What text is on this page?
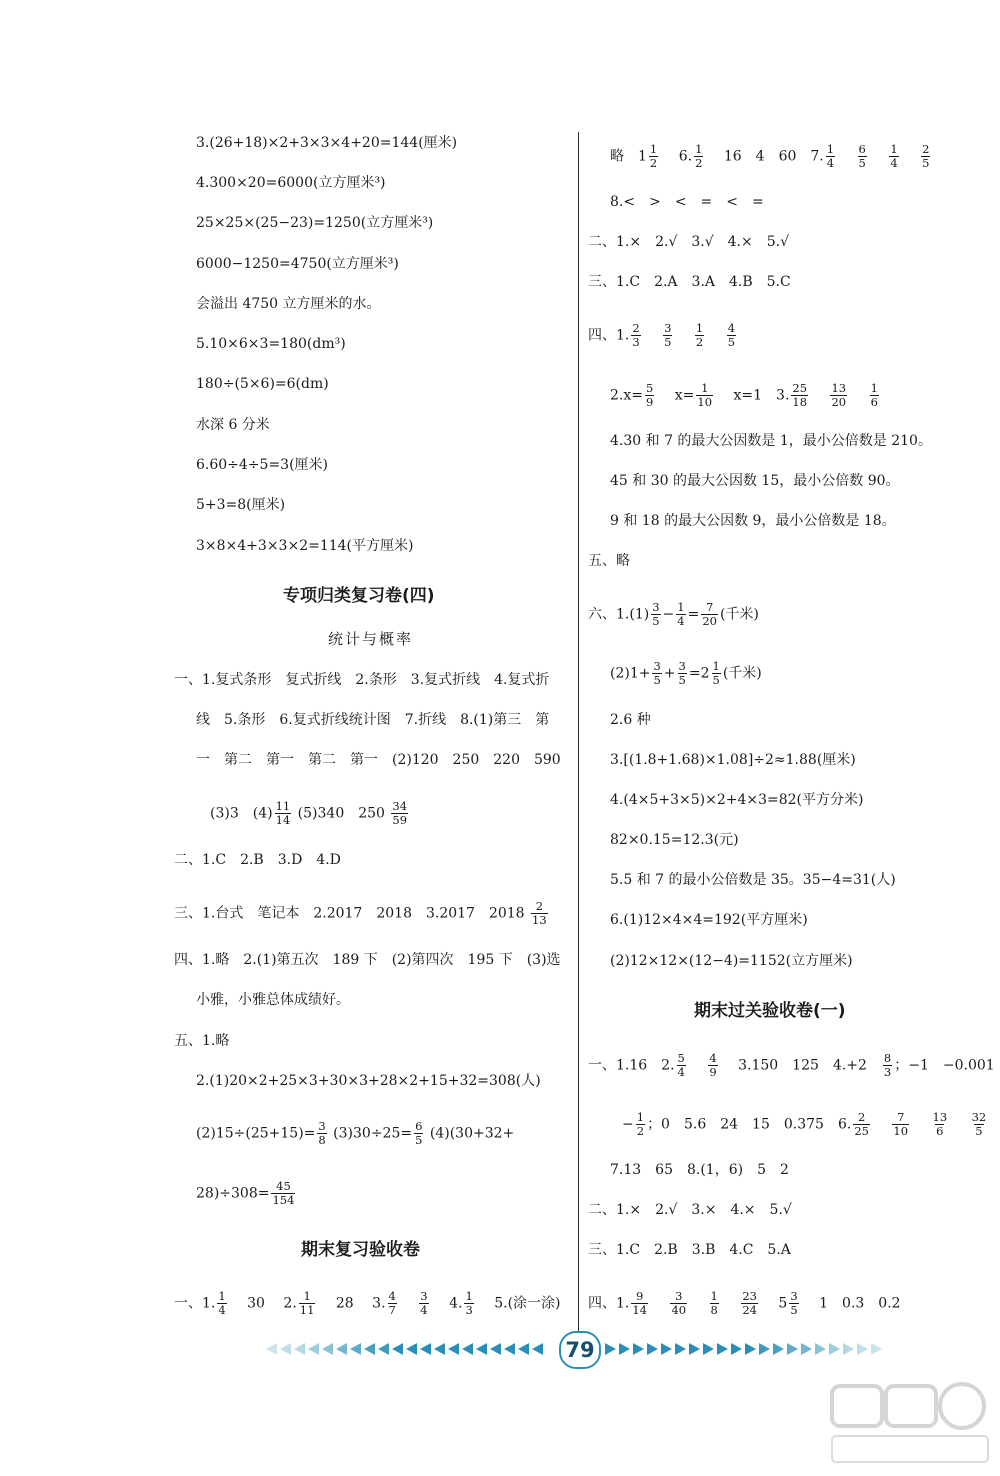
3.(26+18)×2+3×3×4+20=144(厘米)
4.300×20=6000(立方厘米³)
25×25×(25−23)=1250(立方厘米³)
6000−1250=4750(立方厘米³)
会溢出 4750 立方厘米的水。
5.10×6×3=180(dm³)
180÷(5×6)=6(dm)
水深 6 分米
6.60÷4÷5=3(厘米)
5+3=8(厘米)
3×8×4+3×3×2=114(平方厘米)
专项归类复习卷(四)
统计与概率
一、1.复式条形　复式折线　2.条形　3.复式折线　4.复式折
线　5.条形　6.复式折线统计图　7.折线　8.(1)第三　第
一　第二　第一　第二　第一　(2)120　250　220　590
(3)3　$(4) \frac{11}{14} (5)340$　$250 \frac{34}{59}$
二、1.C　2.B　3.D　4.D
三、1.台式　笔记本　2.2017　2018　3.2017　$2018 \frac{2}{13}$
四、1.略　2.(1)第五次　189 下　(2)第四次　195 下　(3)选
小雅，小雅总体成绩好。
五、1.略
2.(1)20×2+25×3+30×3+28×2+15+32=308(人)
$(2)15\div(25+15)= \frac{3}{8} (3)30\div 25= \frac{6}{5} (4)(30+32+$
$28)\div 308= \frac{45}{154}$
期末复习验收卷
一、1. $\frac{1}{4} 30$ 2. $\frac{1}{11} 28$ 3. $\frac{4}{7}$
$\frac{3}{4} 4$. $\frac{1}{3} 5$.(涂一涂)
略　$1 \frac{1}{2} 6$. $\frac{1}{2} 16$　4　60　7. $\frac{1}{4}$
$\frac{6}{5}$
$\frac{1}{4}$
$\frac{2}{5}$
8.<　>　<　=　<　=
二、1.×　2.√　3.√　4.×　5.√
三、1.C　2.A　3.A　4.B　5.C
四、1. $\frac{2}{3}$
$\frac{3}{5}$
$\frac{1}{2}$
$\frac{4}{5}$
$2.x= \frac{5}{9} x= \frac{1}{10} x=1$　3. $\frac{25}{18}$
$\frac{13}{20}$
$\frac{1}{6}$
4.30 和 7 的最大公因数是 1，最小公倍数是 210。
45 和 30 的最大公因数 15，最小公倍数 90。
9 和 18 的最大公因数 9，最小公倍数是 18。
五、略
六、$1.(1) \frac{3}{5} - \frac{1}{4} = \frac{7}{20}$ (千米)
$(2)1+ \frac{3}{5} + \frac{3}{5} =2 \frac{1}{5}$ (千米)
2.6 种
3.[(1.8+1.68)×1.08]÷2≈1.88(厘米)
4.(4×5+3×5)×2+4×3=82(平方分米)
82×0.15=12.3(元)
5.5 和 7 的最小公倍数是 35。35−4=31(人)
6.(1)12×4×4=192(平方厘米)
(2)12×12×(12−4)=1152(立方厘米)
期末过关验收卷(一)
一、1.16　2. $\frac{5}{4}$
$\frac{4}{9} 3.150$　125　$4.+2 \frac{8}{3}$ ；−1　−0.001
− $\frac{1}{2}$ ；0　5.6　24　15　0.375　6. $\frac{2}{25}$
$\frac{7}{10}$
$\frac{13}{6}$
$\frac{32}{5}$
7.13　65　8.(1，6)　5　2
二、1.×　2.√　3.×　4.×　5.√
三、1.C　2.B　3.B　4.C　5.A
四、1. $\frac{9}{14}$
$\frac{3}{40}$
$\frac{1}{8}$
$\frac{23}{24} 5 \frac{3}{5} 1$　0.3　0.2
79
